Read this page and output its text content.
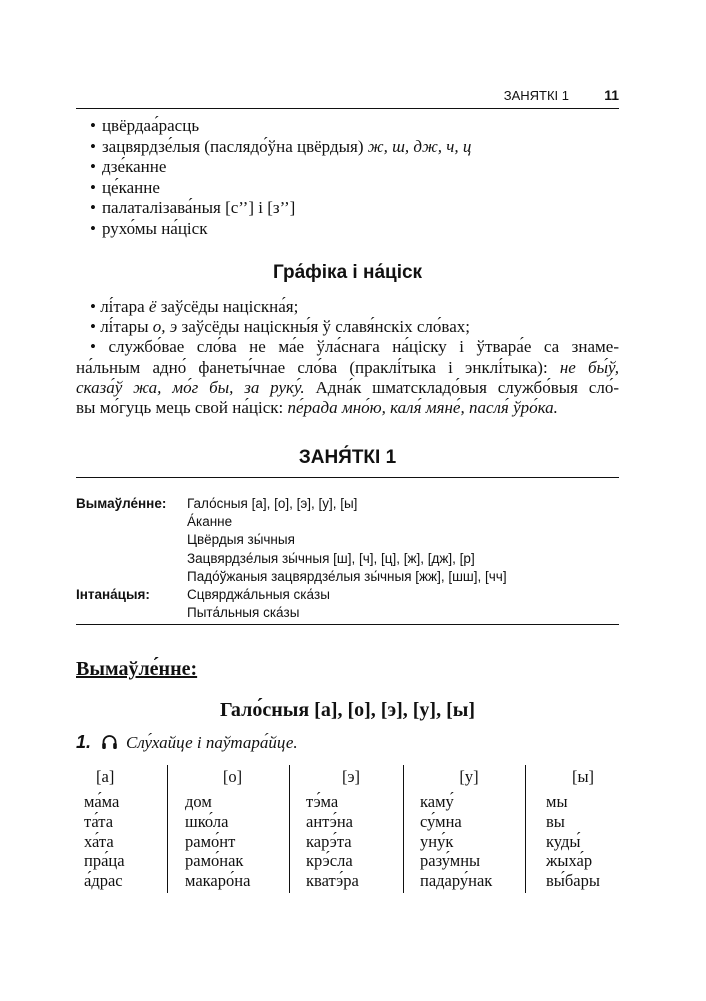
ЗАНЯТКІ 1	11
• цвёрдаа́расць
• зацвярдзе́лыя (паслядо́ўна цвёрдыя) ж, ш, дж, ч, ц
• дзе́канне
• це́канне
• палаталізава́ныя [с’’] і [з’’]
• рухо́мы на́ціск
Гра́фіка і на́ціск
• лі́тара ё заўсёды націскна́я;
• лі́тары о, э заўсёды націскны́я ў славя́нскіх сло́вах;
• службо́вае сло́ва не ма́е ўла́снага на́ціску і ўтвара́е са знаме-
на́льным адно́ фанеты́чнае сло́ва (праклі́тыка і энклі́тыка): не бы́ў,
сказа́ў жа, мо́г бы, за руку́. Адна́к шматскладо́выя службо́выя сло́-
вы мо́гуць мець свой на́ціск: пе́рада мно́ю, каля́ мяне́, пасля́ ўро́ка.
ЗАНЯ́ТКІ 1
Вымаўле́нне: Гало́сныя [а], [о], [э], [у], [ы]
А́канне
Цвёрдыя зы́чныя
Зацвярдзе́лыя зы́чныя [ш], [ч], [ц], [ж], [дж], [р]
Падо́ўжаныя зацвярдзе́лыя зы́чныя [жж], [шш], [чч]
Інтана́цыя:	Сцвярджа́льныя ска́зы
Пыта́льныя ска́зы
Вымаўле́нне:
Гало́сныя [а], [о], [э], [у], [ы]
1. Слу́хайце і паўтара́йце.
[а]
ма́ма
та́та
ха́та
пра́ца
а́драс
[о]
дом
шко́ла
рамо́нт
рамо́нак
макаро́на
[э]
тэ́ма
антэ́на
карэ́та
крэ́сла
кватэ́ра
[у]
каму́
су́мна
уну́к
разу́мны
падару́нак
[ы]
мы
вы
куды́
жыха́р
вы́бары
